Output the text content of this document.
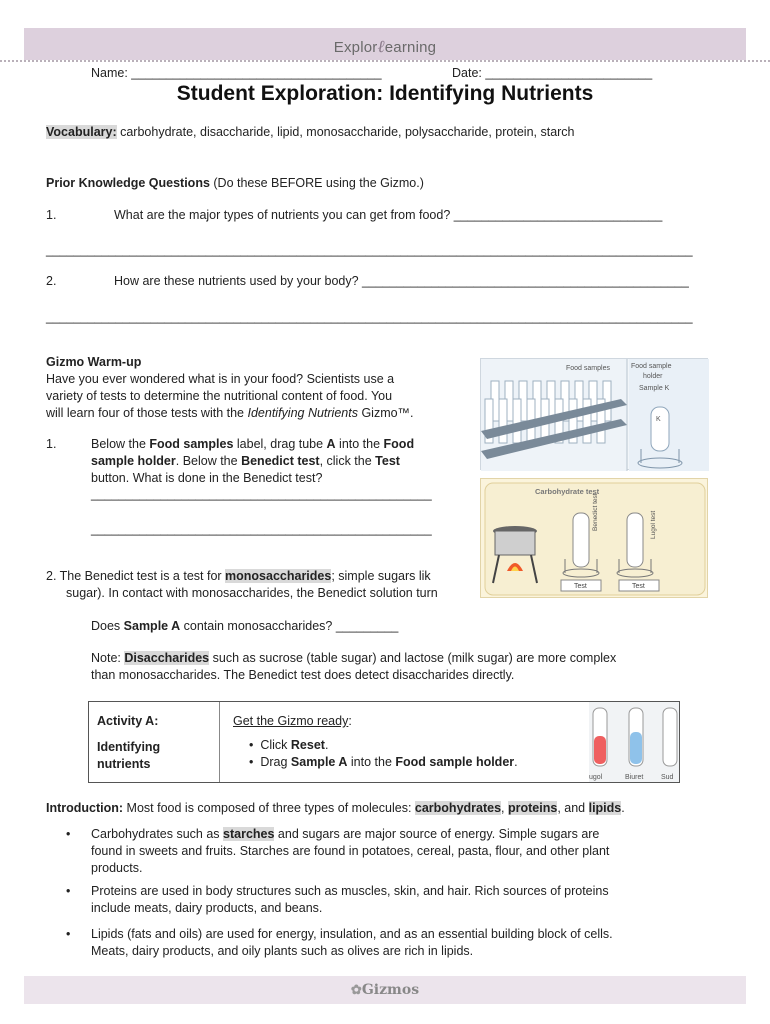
Explorℓearning
Name: ____________________________________	Date: ________________________
Student Exploration: Identifying Nutrients
Vocabulary: carbohydrate, disaccharide, lipid, monosaccharide, polysaccharide, protein, starch
Prior Knowledge Questions (Do these BEFORE using the Gizmo.)
1.	What are the major types of nutrients you can get from food? ______________________________
_____________________________________________________________________________________________
2.	How are these nutrients used by your body? _______________________________________________
_____________________________________________________________________________________________
Gizmo Warm-up
Have you ever wondered what is in your food? Scientists use a
variety of tests to determine the nutritional content of food. You
will learn four of those tests with the Identifying Nutrients Gizmo™.
1.	Below the Food samples label, drag tube A into the Food
sample holder. Below the Benedict test, click the Test
button. What is done in the Benedict test?
_________________________________________________
_________________________________________________
2. The Benedict test is a test for monosaccharides; simple sugars lik
sugar). In contact with monosaccharides, the Benedict solution turn
Does Sample A contain monosaccharides? _________
Note: Disaccharides such as sucrose (table sugar) and lactose (milk sugar) are more complex
than monosaccharides. The Benedict test does detect disaccharides directly.
Food samples	Food sample
holder
Sample K
K
Carbohydrate test
Benedict test	Lugol test
Test	Test
Activity A:
Identifying
nutrients
Get the Gizmo ready:
•  Click Reset.
•  Drag Sample A into the Food sample holder.
ugol	Biuret	Sud
Introduction: Most food is composed of three types of molecules: carbohydrates, proteins, and lipids.
• Carbohydrates such as starches and sugars are major source of energy. Simple sugars are
found in sweets and fruits. Starches are found in potatoes, cereal, pasta, flour, and other plant
products.
• Proteins are used in body structures such as muscles, skin, and hair. Rich sources of proteins
include meats, dairy products, and beans.
• Lipids (fats and oils) are used for energy, insulation, and as an essential building block of cells.
Meats, dairy products, and oily plants such as olives are rich in lipids.
✿Gizmos
